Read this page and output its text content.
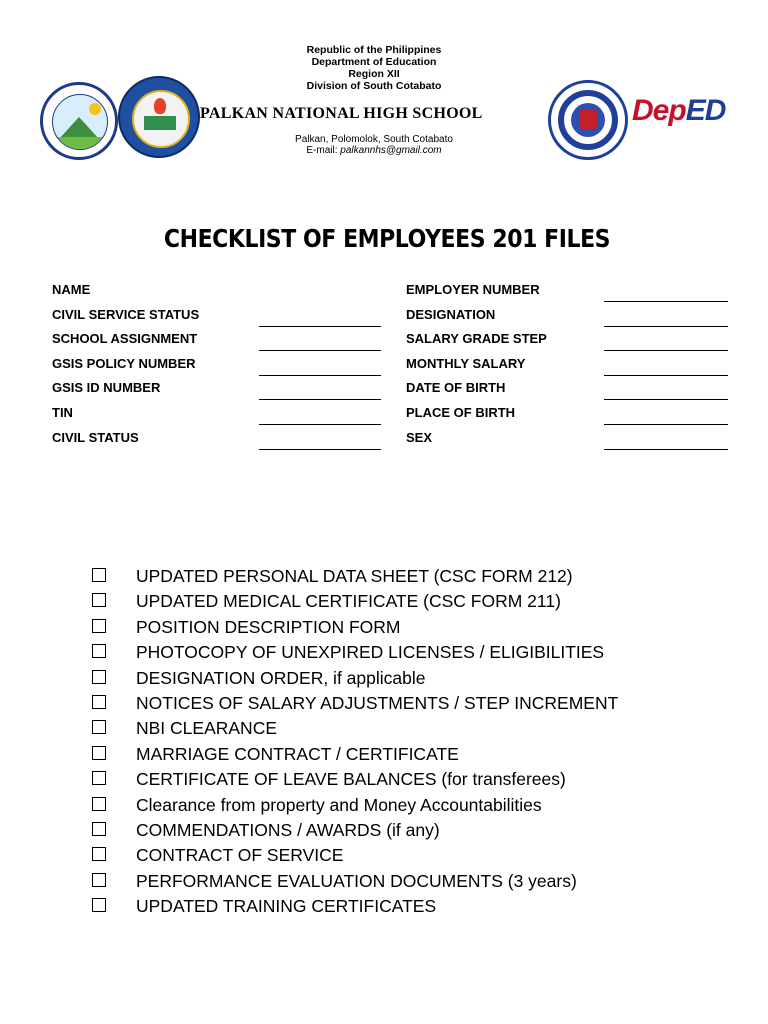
Republic of the Philippines
Department of Education
Region XII
Division of South Cotabato
PALKAN NATIONAL HIGH SCHOOL
Palkan, Polomolok, South Cotabato
E-mail: palkannhs@gmail.com
DepED
CHECKLIST OF EMPLOYEES 201 FILES
NAME
CIVIL SERVICE STATUS
SCHOOL ASSIGNMENT
GSIS POLICY NUMBER
GSIS ID NUMBER
TIN
CIVIL STATUS
EMPLOYER NUMBER
DESIGNATION
SALARY GRADE STEP
MONTHLY SALARY
DATE OF BIRTH
PLACE OF BIRTH
SEX
UPDATED PERSONAL DATA SHEET (CSC FORM 212)
UPDATED MEDICAL CERTIFICATE (CSC FORM 211)
POSITION DESCRIPTION FORM
PHOTOCOPY OF UNEXPIRED LICENSES / ELIGIBILITIES
DESIGNATION ORDER, if applicable
NOTICES OF SALARY ADJUSTMENTS / STEP INCREMENT
NBI CLEARANCE
MARRIAGE CONTRACT / CERTIFICATE
CERTIFICATE OF LEAVE BALANCES (for transferees)
Clearance from property and Money Accountabilities
COMMENDATIONS / AWARDS (if any)
CONTRACT OF SERVICE
PERFORMANCE EVALUATION DOCUMENTS (3 years)
UPDATED TRAINING CERTIFICATES
